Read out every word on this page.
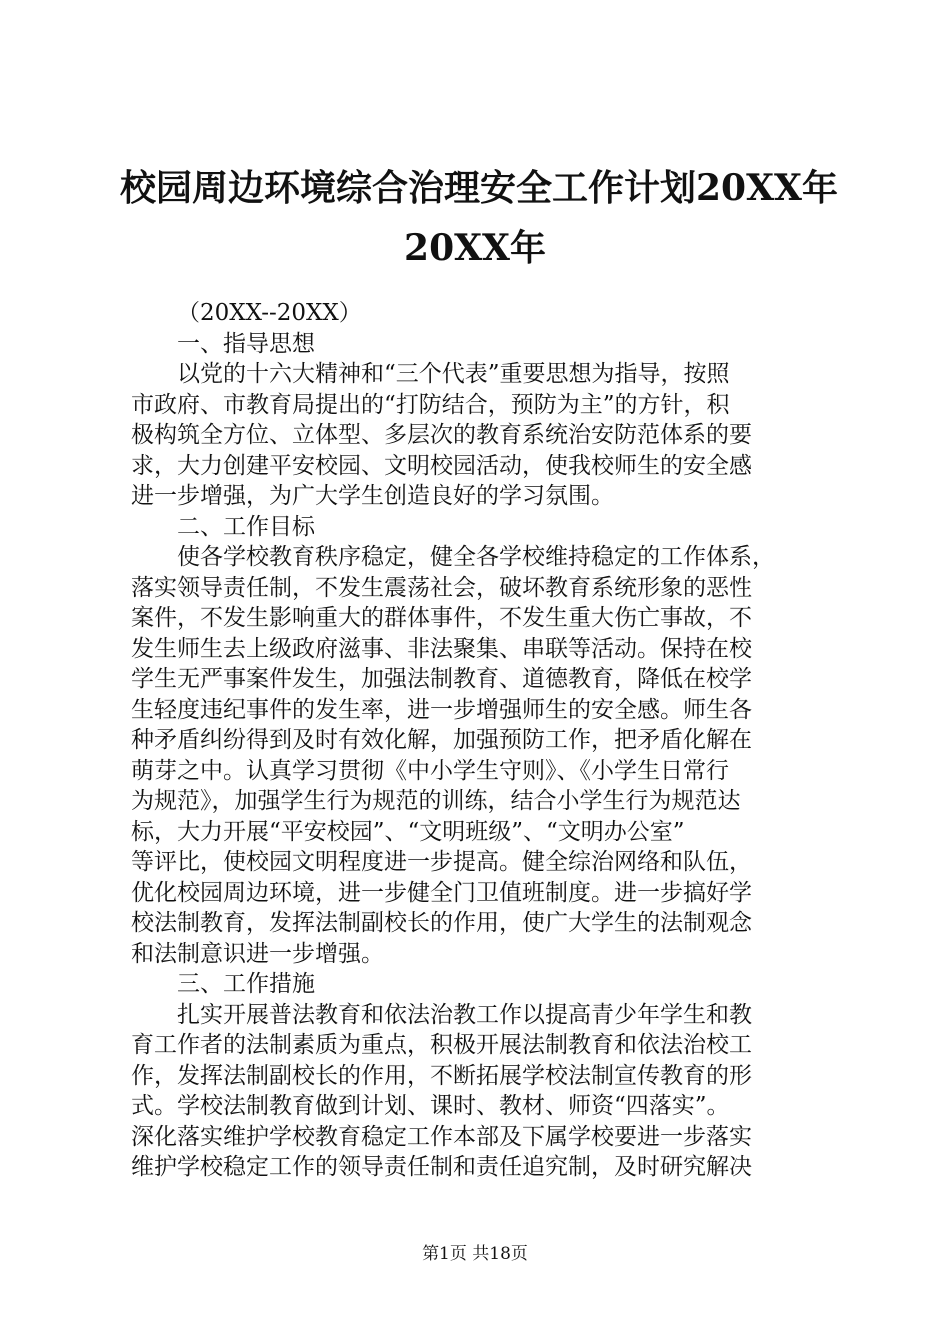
校园周边环境综合治理安全工作计划20XX年
20XX年
（20XX--20XX）
一、指导思想
以党的十六大精神和“三个代表”重要思想为指导，按照
市政府、市教育局提出的“打防结合，预防为主”的方针，积
极构筑全方位、立体型、多层次的教育系统治安防范体系的要
求，大力创建平安校园、文明校园活动，使我校师生的安全感
进一步增强，为广大学生创造良好的学习氛围。
二、工作目标
使各学校教育秩序稳定，健全各学校维持稳定的工作体系，
落实领导责任制，不发生震荡社会，破坏教育系统形象的恶性
案件，不发生影响重大的群体事件，不发生重大伤亡事故，不
发生师生去上级政府滋事、非法聚集、串联等活动。保持在校
学生无严事案件发生，加强法制教育、道德教育，降低在校学
生轻度违纪事件的发生率，进一步增强师生的安全感。师生各
种矛盾纠纷得到及时有效化解，加强预防工作，把矛盾化解在
萌芽之中。认真学习贯彻《中小学生守则》、《小学生日常行
为规范》，加强学生行为规范的训练，结合小学生行为规范达
标，大力开展“平安校园”、“文明班级”、“文明办公室”
等评比，使校园文明程度进一步提高。健全综治网络和队伍，
优化校园周边环境，进一步健全门卫值班制度。进一步搞好学
校法制教育，发挥法制副校长的作用，使广大学生的法制观念
和法制意识进一步增强。
三、工作措施
扎实开展普法教育和依法治教工作以提高青少年学生和教
育工作者的法制素质为重点，积极开展法制教育和依法治校工
作，发挥法制副校长的作用，不断拓展学校法制宣传教育的形
式。学校法制教育做到计划、课时、教材、师资“四落实”。
深化落实维护学校教育稳定工作本部及下属学校要进一步落实
维护学校稳定工作的领导责任制和责任追究制，及时研究解决
第1页 共18页
